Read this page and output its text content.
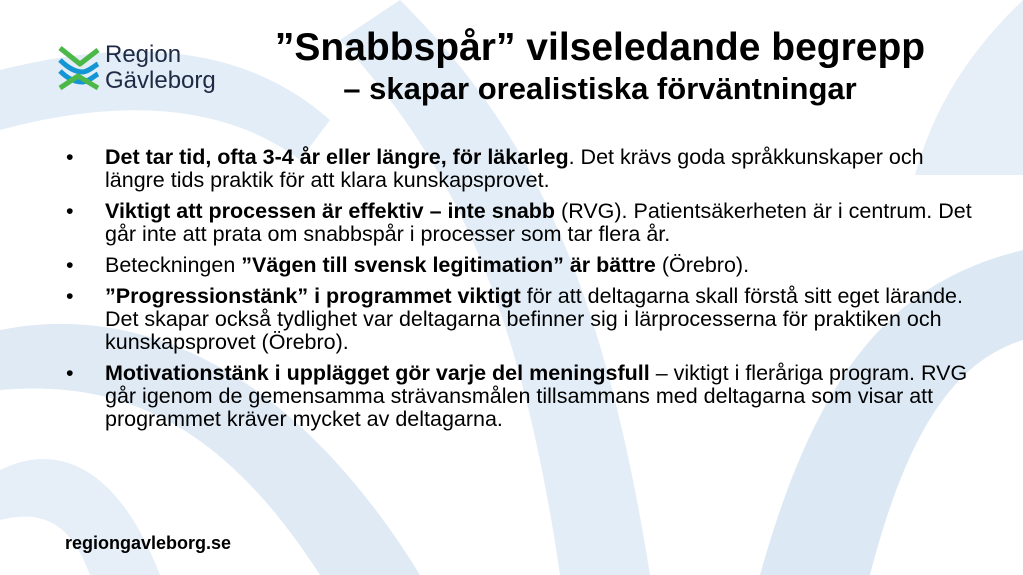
Region
Gävleborg
”Snabbspår” vilseledande begrepp
– skapar orealistiska förväntningar
• Det tar tid, ofta 3-4 år eller längre, för läkarleg. Det krävs goda språkkunskaper och längre tids praktik för att klara kunskapsprovet.
• Viktigt att processen är effektiv – inte snabb (RVG). Patientsäkerheten är i centrum. Det går inte att prata om snabbspår i processer som tar flera år.
• Beteckningen ”Vägen till svensk legitimation” är bättre (Örebro).
• ”Progressionstänk” i programmet viktigt för att deltagarna skall förstå sitt eget lärande. Det skapar också tydlighet var deltagarna befinner sig i lärprocesserna för praktiken och kunskapsprovet (Örebro).
• Motivationstänk i upplägget gör varje del meningsfull – viktigt i fleråriga program. RVG går igenom de gemensamma strävansmålen tillsammans med deltagarna som visar att programmet kräver mycket av deltagarna.
regiongavleborg.se
